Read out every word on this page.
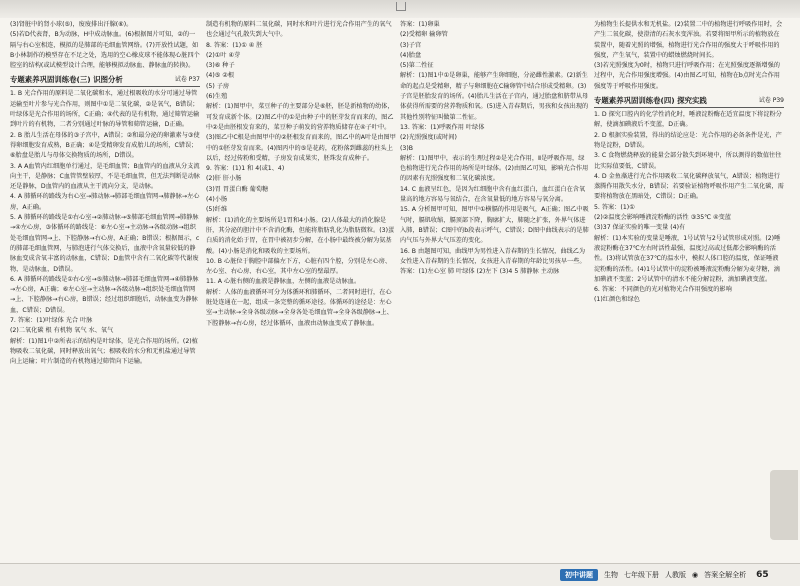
(3)肾脏中的肾小球(⑤)，废废排出汗腺(⑥)。

(5)若D代表肾，B为动脉，H中成动脉血。(6)根据图片可知，②的一隔与右心室相连，模拟的是肺部的毛细血管网络。(7)开放性试题，如B小林制作的模型存在不足之处，选用的空心橡皮球不能体现心脏四个腔室的结构(或试模型设计合理，能够模拟动脉血、静脉血的转换)。

专题素养巩固训练卷(三) 识图分析	试卷 P37

1. B 光合作用的原料是二氧化碳和水，通过根吸收的水分可通过导管运输至叶片参与光合作用，则图中①是二氧化碳，②是氧气，B错误；叶绿体是光合作用的场所，C正确；④代表的是有机物，通过筛管运输到叶片的有机物，二者分别通过叶脉的导管和筛管运输，D正确。

2. B 胎儿生活在母体的③子宫中，A错误；②和最分泌的卵激素与③使得卵细胞发育成熟，B正确；④是受精卵发育成胎儿的场所，C错误；⑥胎盘是胎儿与母体交换物质的场所，D错误。

3. A A血管内红细胞单行通过，是毛细血管；B血管内的血液从分支流向主干，是静脉；C血管管壁较厚，不是毛细血管，但无法判断是动脉还是静脉，D血管内的血液从主干流向分支，是动脉。

4. A 肺循环的路线为右心室→肺动脉→肺部毛细血管网→肺静脉→左心房，A正确。

5. A 肺循环的路线是①右心室→②肺动脉→⑤肺部毛细血管网→肺静脉→④左心房，③体循环的路线是：⑥左心室→主动脉→各级动脉→组织处毛细血管网→上、下腔静脉→右心房，A正确；B错误；根据图示，c的肺部毛细血管网，与肺泡进行气体交换后，血液中含氧量较低的静脉血变成含氧丰富的动脉血，C错误；D血管中含有二氧化碳等代谢废物，是动脉血，D错误。

6. A 肺循环的路线是①右心室→⑤肺动脉→肺部毛细血管网→④肺静脉→左心房，A正确；⑥左心室→主动脉→各级动脉→组织处毛细血管网→上、下腔静脉→右心房，B错误；经过组织细胞后，动脉血变为静脉血，C错误；D错误。

7. 答案：(1)叶绿体 光合 叶脉

(2)二氧化碳 根 有机物 氧气 水、氧气

解析：(1)图1中②所表示的结构是叶绿体，是光合作用的场所。(2)植物吸收二氧化碳，同时释放出氧气；根吸收的水分和无机盐通过导管向上运输；叶片制造的有机物通过筛管向下运输。

制造有机物的原料二氧化碳，同时水和叶片进行光合作用产生的氧气也会通过气孔散失到大气中。

8. 答案：(1)① ④ 胚

(2)①叶 ④芽

(3)⑥ 种子

(4)⑤ ②根

(5) 子房

(6)生殖

解析：(1)图甲中，菜豆种子的主要部分是⑥胚，胚是新植物的幼体，可发育成新个体。(2)图乙中的①是由种子中的胚芽发育而来的，图乙中②是由胚根发育来的，菜豆种子萌发的营养物质储存在④子叶中。(3)图乙中C根是由图甲中的②胚根发育而来的，图乙中的A叶是由图甲中的①胚芽发育而来。(4)图丙中的⑤是花药，花粉落到雌蕊的柱头上以后，经过传粉和受精，子房发育成果实，胚珠发育成种子。

9. 答案：(1)1 和 4(或1、4)

(2)肝 肝小肠

(3)胃 胃蛋白酶 葡萄糖

(4)小肠

(5)纤维

解析：(1)消化的主要场所是1胃和4小肠。(2)人体最大的消化腺是肝，其分泌的胆汁中不含消化酶，但能将脂肪乳化为脂肪微粒。(3)蛋白质的消化始于胃，在胃中被初步分解，在小肠中最终被分解为氨基酸。(4)小肠是消化和吸收的主要场所。

10. B 心脏位于胸腔中部偏左下方，心脏有四个腔，分别是左心房、左心室、右心房、右心室，其中左心室的壁最厚。

11. A 心脏右侧的血液是静脉血，左侧的血液是动脉血。

解析：人体的血液循环可分为体循环和肺循环，二者同时进行，在心脏处连通在一起，组成一条完整的循环途径。体循环的途径是：左心室→主动脉→全身各级动脉→全身各处毛细血管→全身各级静脉→上、下腔静脉→右心房，经过体循环，血液由动脉血变成了静脉血。

答案：(1)卵巢

(2)受精卵 输卵管

(3)子宫

(4)胎盘

(5)第二性征

解析：(1)图1中①是卵巢，能够产生卵细胞，分泌雌性激素。(2)新生命的起点是受精卵，精子与卵细胞在C输卵管中结合形成受精卵。(3)子宫是胚胎发育的场所。(4)胎儿生活在子宫内，通过胎盘和脐带从母体获得所需要的营养物质和氧。(5)进入青春期后，男孩和女孩出现的其他性别特征叫做第二性征。

13. 答案：(1)呼吸作用 叶绿体

(2)光照强度(或时间)

(3)B

解析：(1)图甲中，表示的生理过程②是光合作用，Ⅱ是呼吸作用，绿色植物进行光合作用的场所是叶绿体。(2)由图乙可知，影响光合作用的因素有光照强度和二氧化碳浓度。

14. C 血液呈红色，是因为红细胞中含有血红蛋白，血红蛋白在含氧量高的地方容易与氧结合，在含氧量低的地方容易与氧分离。

15. A 分析图甲可知，图甲中①横膈的作用是吸气，A正确；图乙中吸气时，膈肌收缩，膈顶部下降，胸廓扩大，肺随之扩张，外界气体进入肺，B错误；C图中的b段表示呼气，C错误；D图中曲线表示的是肺内气压与外界大气压差的变化。

16. B 由题图可知，曲线甲为男性进入青春期的生长情况，曲线乙为女性进入青春期的生长情况，女孩进入青春期的年龄比男孩早一些。

答案：(1)左心室 肺 叶绿体 (2)左下 (3)4 5 肺静脉 主动脉

为植物生长提供水和无机盐。(2)装置二中的植物进行呼吸作用时，会产生二氧化碳，使澄清的石灰水变浑浊。若要将图甲所示的植物放在装置中，随着光照的增强，植物进行光合作用的强度大于呼吸作用的强度，产生氧气，装置中的蜡烛燃烧时间长。

(3)若光照强度为0时，植物只进行呼吸作用；在光照强度逐渐增强的过程中，光合作用强度增强。(4)由图乙可知，植物在b点时光合作用强度等于呼吸作用强度。

专题素养巩固训练卷(四) 探究实践	试卷 P39

1. D 探究口腔内的化学性消化时，唾液淀粉酶在适宜温度下将淀粉分解，使滴加碘液后不变蓝，D正确。

2. D 根据实验装置，得出的结论应是：光合作用的必备条件是光，产物是淀粉，D错误。

3. C 食物燃烧释放的能量会部分散失到环境中，所以测得的数值往往比实际值要低，C错误。

4. D 金鱼藻进行光合作用吸收二氧化碳释放氧气，A错误；植物进行蒸腾作用散失水分，B错误；若要验证植物呼吸作用产生二氧化碳，需要将植物放在黑暗处，C错误；D正确。

5. 答案：(1)①

(2)②温度会影响唾液淀粉酶的活性 ③35℃ ④变蓝

(3)37 保证实验的唯一变量 (4)有

解析：(1)本实验的变量是唾液，1号试管与2号试管形成对照。(2)唾液淀粉酶在37℃左右时活性最强，温度过高或过低都会影响酶的活性。(3)将试管放在37℃的温水中，模拟人体口腔的温度，保证唾液淀粉酶的活性。(4)1号试管中的淀粉被唾液淀粉酶分解为麦芽糖，滴加碘液不变蓝；2号试管中的清水不能分解淀粉，滴加碘液变蓝。

6. 答案：不同颜色的光对植物光合作用强度的影响

(1)红颜色和绿色

初中讲题	生物 七年级下册 人教版 ◉ 答案全解全析 65
